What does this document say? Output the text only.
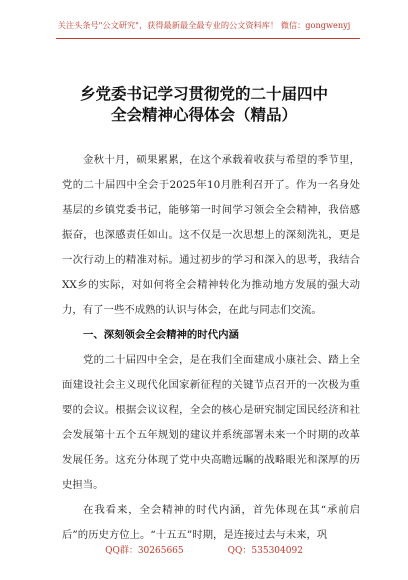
关注头条号"公文研究"，获得最新最全最专业的公文资料库！ 微信：gongwenyj
乡党委书记学习贯彻党的二十届四中
全会精神心得体会（精品）

金秋十月，硕果累累，在这个承载着收获与希望的季节里，党的二十届四中全会于2025年10月胜利召开了。作为一名身处基层的乡镇党委书记，能够第一时间学习领会全会精神，我倍感振奋，也深感责任如山。这不仅是一次思想上的深刻洗礼，更是一次行动上的精准对标。通过初步的学习和深入的思考，我结合XX乡的实际，对如何将全会精神转化为推动地方发展的强大动力，有了一些不成熟的认识与体会，在此与同志们交流。

一、深刻领会全会精神的时代内涵

党的二十届四中全会，是在我们全面建成小康社会、踏上全面建设社会主义现代化国家新征程的关键节点召开的一次极为重要的会议。根据会议议程，全会的核心是研究制定国民经济和社会发展第十五个五年规划的建议并系统部署未来一个时期的改革发展任务。这充分体现了党中央高瞻远瞩的战略眼光和深厚的历史担当。

在我看来，全会精神的时代内涵，首先体现在其“承前启后”的历史方位上。“十五五”时期，是连接过去与未来，巩

QQ群：30265665	QQ：535304092
